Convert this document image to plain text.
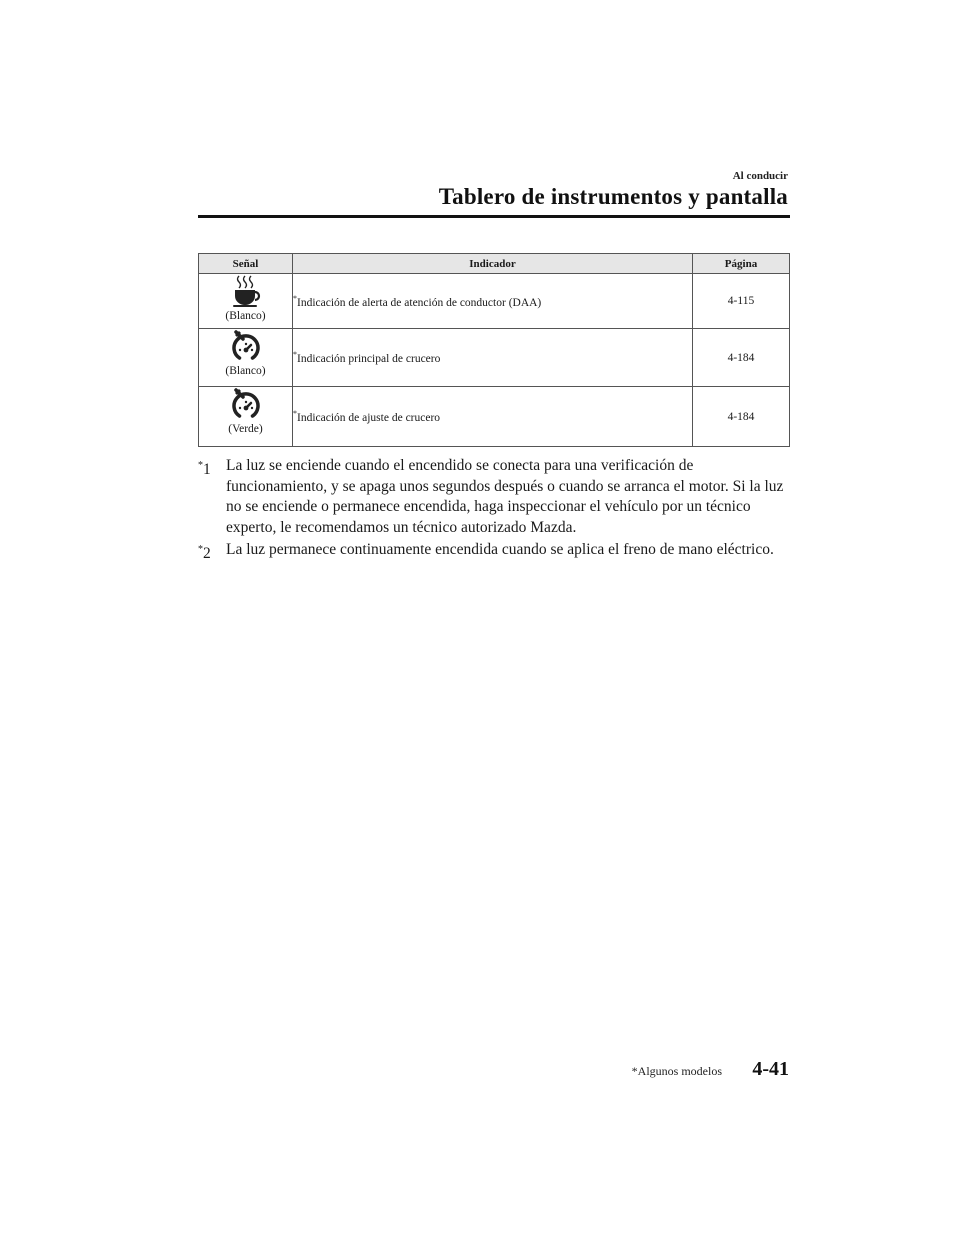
Al conducir
Tablero de instrumentos y pantalla
Señal	Indicador	Página

(Blanco)	*Indicación de alerta de atención de conductor (DAA)	4-115

(Blanco)	*Indicación principal de crucero	4-184

(Verde)	*Indicación de ajuste de crucero	4-184
*1 La luz se enciende cuando el encendido se conecta para una verificación de funcionamiento, y se apaga unos segundos después o cuando se arranca el motor. Si la luz no se enciende o permanece encendida, haga inspeccionar el vehículo por un técnico experto, le recomendamos un técnico autorizado Mazda.
*2 La luz permanece continuamente encendida cuando se aplica el freno de mano eléctrico.
*Algunos modelos 4-41
